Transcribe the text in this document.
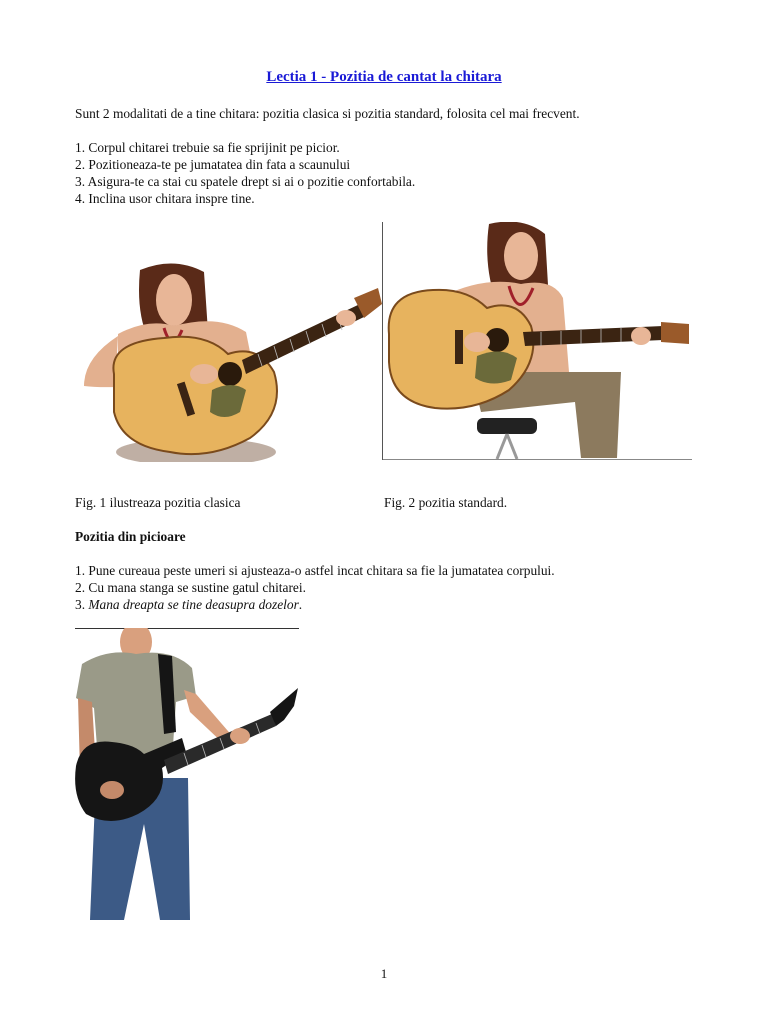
Lectia 1 - Pozitia de cantat la chitara
Sunt 2 modalitati de a tine chitara: pozitia clasica si pozitia standard, folosita cel mai frecvent.
1. Corpul chitarei trebuie sa fie sprijinit pe picior.
2. Pozitioneaza-te pe jumatatea din fata a scaunului
3. Asigura-te ca stai cu spatele drept si ai o pozitie confortabila.
4. Inclina usor chitara inspre tine.
Fig. 1 ilustreaza pozitia clasica	Fig. 2 pozitia standard.
Pozitia din picioare
1. Pune cureaua peste umeri si ajusteaza-o astfel incat chitara sa fie la jumatatea corpului.
2. Cu mana stanga se sustine gatul chitarei.
3. Mana dreapta se tine deasupra dozelor.
1
